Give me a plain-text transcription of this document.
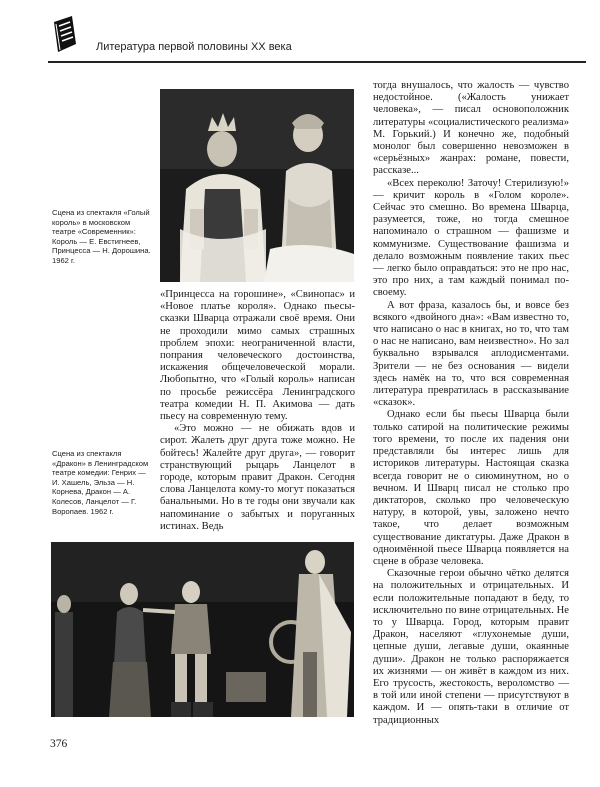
Литература первой половины XX века
Сцена из спектакля «Голый король» в московском театре «Современник»: Король — Е. Евстигнеев, Принцесса — Н. Дорошина. 1962 г.

«Принцесса на горошине», «Свинопас» и «Новое платье короля». Однако пьесы-сказки Шварца отражали своё время. Они не проходили мимо самых страшных проблем эпохи: неограниченной власти, попрания человеческого достоинства, искажения общечеловеческой морали. Любопытно, что «Голый король» написан по просьбе режиссёра Ленинградского театра комедии Н. П. Акимова — дать пьесу на современную тему.

«Это можно — не обижать вдов и сирот. Жалеть друг друга тоже можно. Не бойтесь! Жалейте друг друга», — говорит странствующий рыцарь Ланцелот в городе, которым правит Дракон. Сегодня слова Ланцелота кому-то могут показаться банальными. Но в те годы они звучали как напоминание о забытых и поруганных истинах. Ведь

Сцена из спектакля «Дракон» в Ленинградском театре комедии: Генрих — И. Хашель, Эльза — Н. Корнева, Дракон — А. Колесов, Ланцелот — Г. Воропаев. 1962 г.

тогда внушалось, что жалость — чувство недостойное. («Жалость унижает человека», — писал основоположник литературы «социалистического реализма» М. Горький.) И конечно же, подобный монолог был совершенно невозможен в «серьёзных» жанрах: романе, повести, рассказе...

«Всех переколю! Заточу! Стерилизую!» — кричит король в «Голом короле». Сейчас это смешно. Во времена Шварца, разумеется, тоже, но тогда смешное напоминало о страшном — фашизме и коммунизме. Существование фашизма и делало возможным появление таких пьес — легко было оправдаться: это не про нас, это про них, а там каждый понимал по-своему.

А вот фраза, казалось бы, и вовсе без всякого «двойного дна»: «Вам известно то, что написано о нас в книгах, но то, что там о нас не написано, вам неизвестно». Но зал буквально взрывался аплодисментами. Зрители — не без основания — видели здесь намёк на то, что вся современная литература превратилась в рассказывание «сказок».

Однако если бы пьесы Шварца были только сатирой на политические режимы того времени, то после их падения они представляли бы интерес лишь для историков литературы. Настоящая сказка всегда говорит не о сиюминутном, но о вечном. И Шварц писал не столько про диктаторов, сколько про человеческую натуру, в которой, увы, заложено нечто такое, что делает возможным существование диктатуры. Даже Дракон в одноимённой пьесе Шварца появляется на сцене в образе человека.

Сказочные герои обычно чётко делятся на положительных и отрицательных. И если положительные попадают в беду, то исключительно по вине отрицательных. Не то у Шварца. Город, которым правит Дракон, населяют «глухонемые души, цепные души, легавые души, окаянные души». Дракон не только распоряжается их жизнями — он живёт в каждом из них. Его трусость, жестокость, вероломство — в той или иной степени — присутствуют в каждом. И — опять-таки в отличие от традиционных

376
